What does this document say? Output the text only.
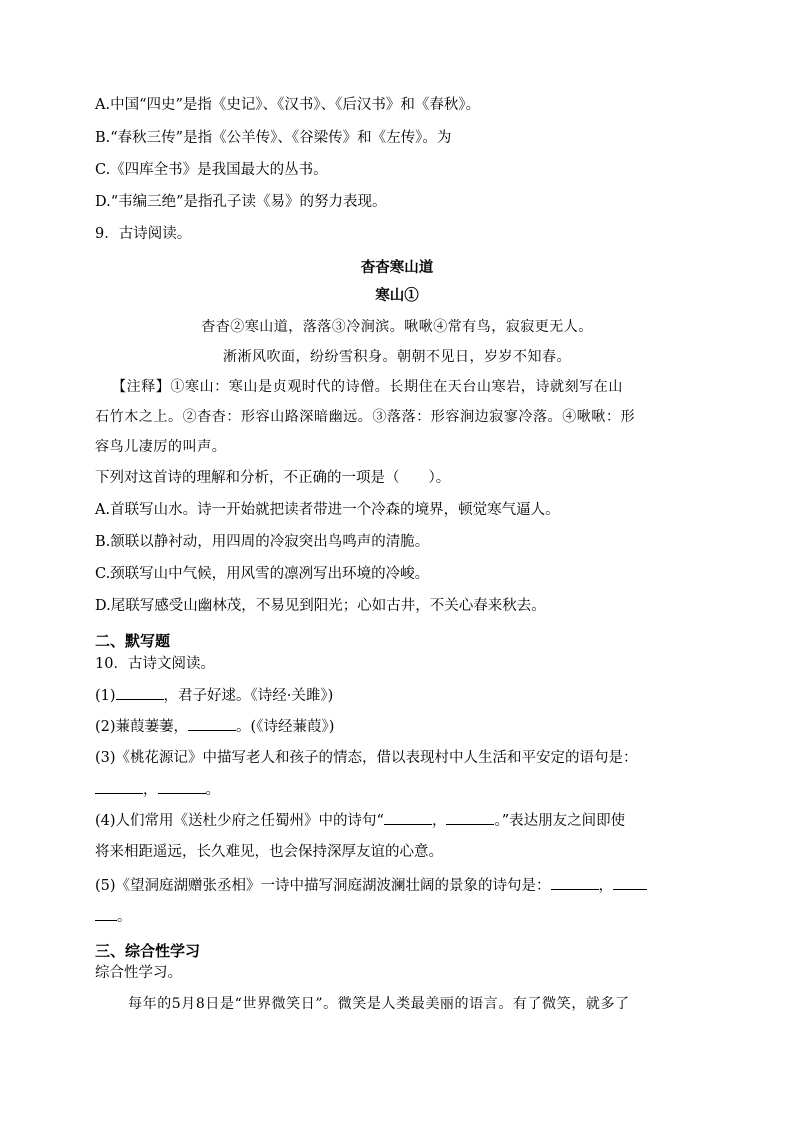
A.中国“四史”是指《史记》、《汉书》、《后汉书》和《春秋》。
B.“春秋三传”是指《公羊传》、《谷梁传》和《左传》。为
C.《四库全书》是我国最大的丛书。
D.“韦编三绝”是指孔子读《易》的努力表现。
9．古诗阅读。
杳杳寒山道
寒山①
杳杳②寒山道，落落③冷涧滨。啾啾④常有鸟，寂寂更无人。
淅淅风吹面，纷纷雪积身。朝朝不见日，岁岁不知春。
【注释】①寒山：寒山是贞观时代的诗僧。长期住在天台山寒岩，诗就刻写在山
石竹木之上。②杳杳：形容山路深暗幽远。③落落：形容涧边寂寥冷落。④啾啾：形
容鸟儿凄厉的叫声。
下列对这首诗的理解和分析，不正确的一项是（　　）。
A.首联写山水。诗一开始就把读者带进一个冷森的境界，顿觉寒气逼人。
B.颔联以静衬动，用四周的冷寂突出鸟鸣声的清脆。
C.颈联写山中气候，用风雪的凛冽写出环境的冷峻。
D.尾联写感受山幽林茂，不易见到阳光；心如古井，不关心春来秋去。
二、默写题
10．古诗文阅读。
(1)	，君子好逑。《诗经·关雎》)
(2)蒹葭萋萋，	。(《诗经蒹葭》)
(3)《桃花源记》中描写老人和孩子的情态，借以表现村中人生活和平安定的语句是：
，	。
(4)人们常用《送杜少府之任蜀州》中的诗句“	，	。”表达朋友之间即使
将来相距遥远，长久难见，也会保持深厚友谊的心意。
(5)《望洞庭湖赠张丞相》一诗中描写洞庭湖波澜壮阔的景象的诗句是：	，
。
三、综合性学习
综合性学习。
每年的5月8日是“世界微笑日”。微笑是人类最美丽的语言。有了微笑，就多了
